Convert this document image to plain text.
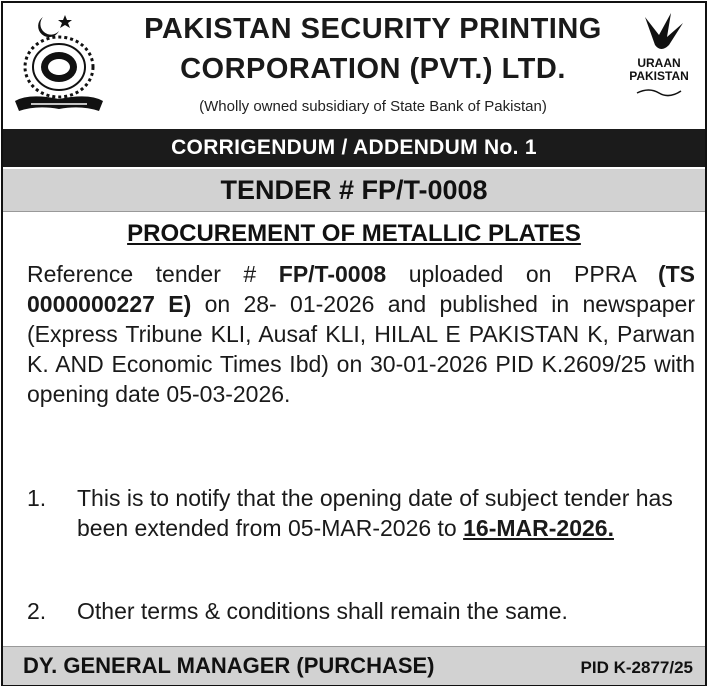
PAKISTAN SECURITY PRINTING
CORPORATION (PVT.) LTD.
(Wholly owned subsidiary of State Bank of Pakistan)
URAAN
PAKISTAN
CORRIGENDUM / ADDENDUM No. 1
TENDER # FP/T-0008
PROCUREMENT OF METALLIC PLATES
Reference tender # FP/T-0008 uploaded on PPRA (TS 0000000227 E) on 28- 01-2026 and published in newspaper (Express Tribune KLI, Ausaf KLI, HILAL E PAKISTAN K, Parwan K. AND Economic Times Ibd) on 30-01-2026 PID K.2609/25 with opening date 05-03-2026.
1.	This is to notify that the opening date of subject tender has been extended from 05-MAR-2026 to 16-MAR-2026.
2.	Other terms & conditions shall remain the same.
DY. GENERAL MANAGER (PURCHASE)	PID K-2877/25
